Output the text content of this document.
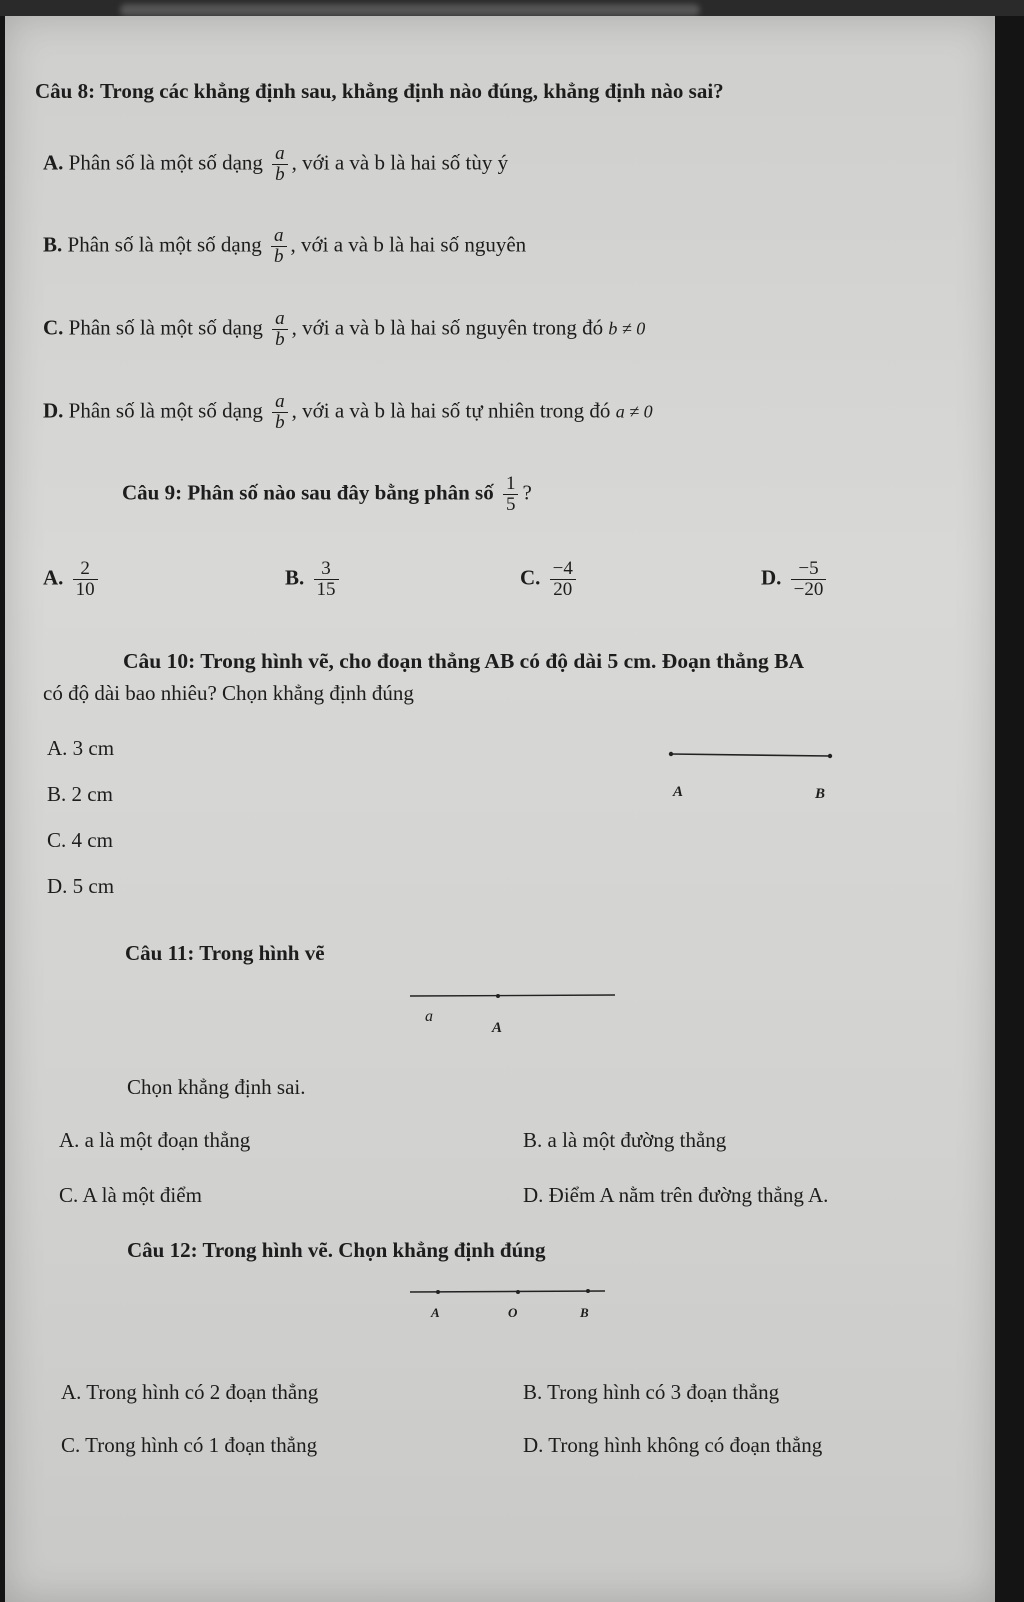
Câu 8: Trong các khẳng định sau, khẳng định nào đúng, khẳng định nào sai?
A. Phân số là một số dạng $\frac{a}{b}$ , với a và b là hai số tùy ý
B. Phân số là một số dạng $\frac{a}{b}$ , với a và b là hai số nguyên
C. Phân số là một số dạng $\frac{a}{b}$ , với a và b là hai số nguyên trong đó b ≠ 0
D. Phân số là một số dạng $\frac{a}{b}$ , với a và b là hai số tự nhiên trong đó a ≠ 0
Câu 9: Phân số nào sau đây bằng phân số $\frac{1}{5}$ ?
A. $\frac{2}{10}$	B. $\frac{3}{15}$	C. $\frac{-4}{20}$	D. $\frac{-5}{-20}$
Câu 10: Trong hình vẽ, cho đoạn thẳng AB có độ dài 5 cm. Đoạn thẳng BA
có độ dài bao nhiêu? Chọn khẳng định đúng
A. 3 cm
B. 2 cm
C. 4 cm
D. 5 cm
A	B
Câu 11: Trong hình vẽ
a
A
Chọn khẳng định sai.
A. a là một đoạn thẳng	B. a là một đường thẳng
C. A là một điểm	D. Điểm A nằm trên đường thẳng A.
Câu 12: Trong hình vẽ. Chọn khẳng định đúng
A	O	B
A. Trong hình có 2 đoạn thẳng	B. Trong hình có 3 đoạn thẳng
C. Trong hình có 1 đoạn thẳng	D. Trong hình không có đoạn thẳng
